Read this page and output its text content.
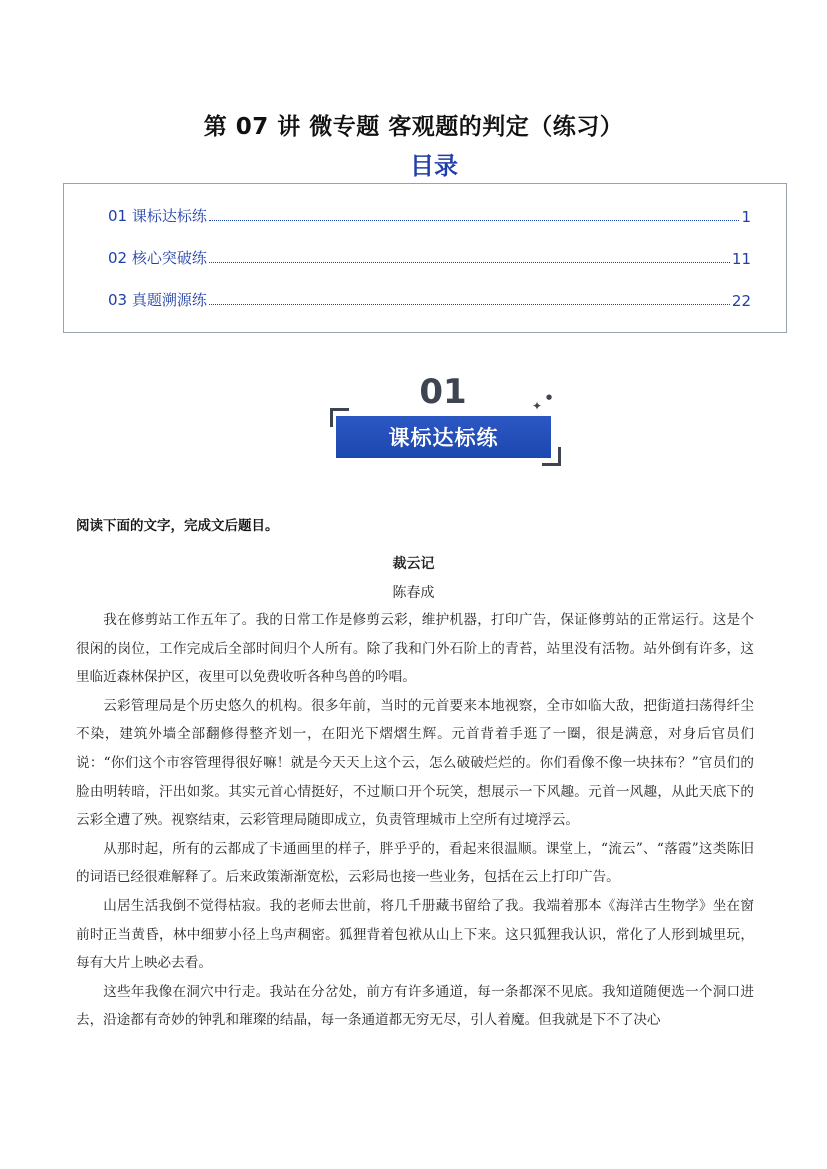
第 07 讲 微专题 客观题的判定（练习）
目录
01 课标达标练	1
02 核心突破练	11
03 真题溯源练	22
01	✦
●
课标达标练
阅读下面的文字，完成文后题目。
裁云记
陈春成

我在修剪站工作五年了。我的日常工作是修剪云彩，维护机器，打印广告，保证修剪站的正常运行。这是个很闲的岗位，工作完成后全部时间归个人所有。除了我和门外石阶上的青苔，站里没有活物。站外倒有许多，这里临近森林保护区，夜里可以免费收听各种鸟兽的吟唱。

云彩管理局是个历史悠久的机构。很多年前，当时的元首要来本地视察，全市如临大敌，把街道扫荡得纤尘不染，建筑外墙全部翻修得整齐划一，在阳光下熠熠生辉。元首背着手逛了一圈，很是满意，对身后官员们说：“你们这个市容管理得很好嘛！就是今天天上这个云，怎么破破烂烂的。你们看像不像一块抹布？”官员们的脸由明转暗，汗出如浆。其实元首心情挺好，不过顺口开个玩笑，想展示一下风趣。元首一风趣，从此天底下的云彩全遭了殃。视察结束，云彩管理局随即成立，负责管理城市上空所有过境浮云。

从那时起，所有的云都成了卡通画里的样子，胖乎乎的，看起来很温顺。课堂上，“流云”、“落霞”这类陈旧的词语已经很难解释了。后来政策渐渐宽松，云彩局也接一些业务，包括在云上打印广告。

山居生活我倒不觉得枯寂。我的老师去世前，将几千册藏书留给了我。我端着那本《海洋古生物学》坐在窗前时正当黄昏，林中细萝小径上鸟声稠密。狐狸背着包袱从山上下来。这只狐狸我认识，常化了人形到城里玩，每有大片上映必去看。

这些年我像在洞穴中行走。我站在分岔处，前方有许多通道，每一条都深不见底。我知道随便选一个洞口进去，沿途都有奇妙的钟乳和璀璨的结晶，每一条通道都无穷无尽，引人着魔。但我就是下不了决心
